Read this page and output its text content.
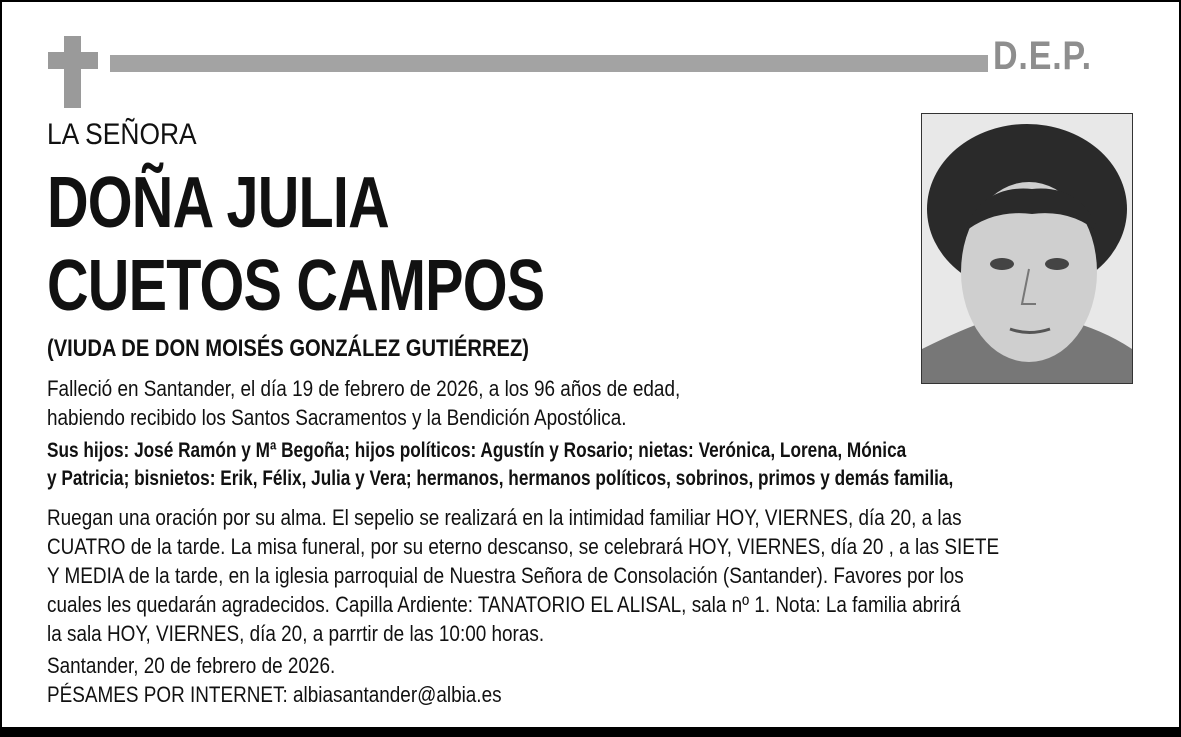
D.E.P.
LA SEÑORA
DOÑA JULIA
CUETOS CAMPOS
(VIUDA DE DON MOISÉS GONZÁLEZ GUTIÉRREZ)
Falleció en Santander, el día 19 de febrero de 2026, a los 96 años de edad,
habiendo recibido los Santos Sacramentos y la Bendición Apostólica.
Sus hijos: José Ramón y Mª Begoña; hijos políticos: Agustín y Rosario; nietas: Verónica, Lorena, Mónica
y Patricia; bisnietos: Erik, Félix, Julia y Vera; hermanos, hermanos políticos, sobrinos, primos y demás familia,
Ruegan una oración por su alma. El sepelio se realizará en la intimidad familiar HOY, VIERNES, día 20, a las
CUATRO de la tarde. La misa funeral, por su eterno descanso, se celebrará HOY, VIERNES, día 20 , a las SIETE
Y MEDIA de la tarde, en la iglesia parroquial de Nuestra Señora de Consolación (Santander). Favores por los
cuales les quedarán agradecidos. Capilla Ardiente: TANATORIO EL ALISAL, sala nº 1. Nota: La familia abrirá
la sala HOY, VIERNES, día 20, a parrtir de las 10:00 horas.
Santander, 20 de febrero de 2026.
PÉSAMES POR INTERNET: albiasantander@albia.es
